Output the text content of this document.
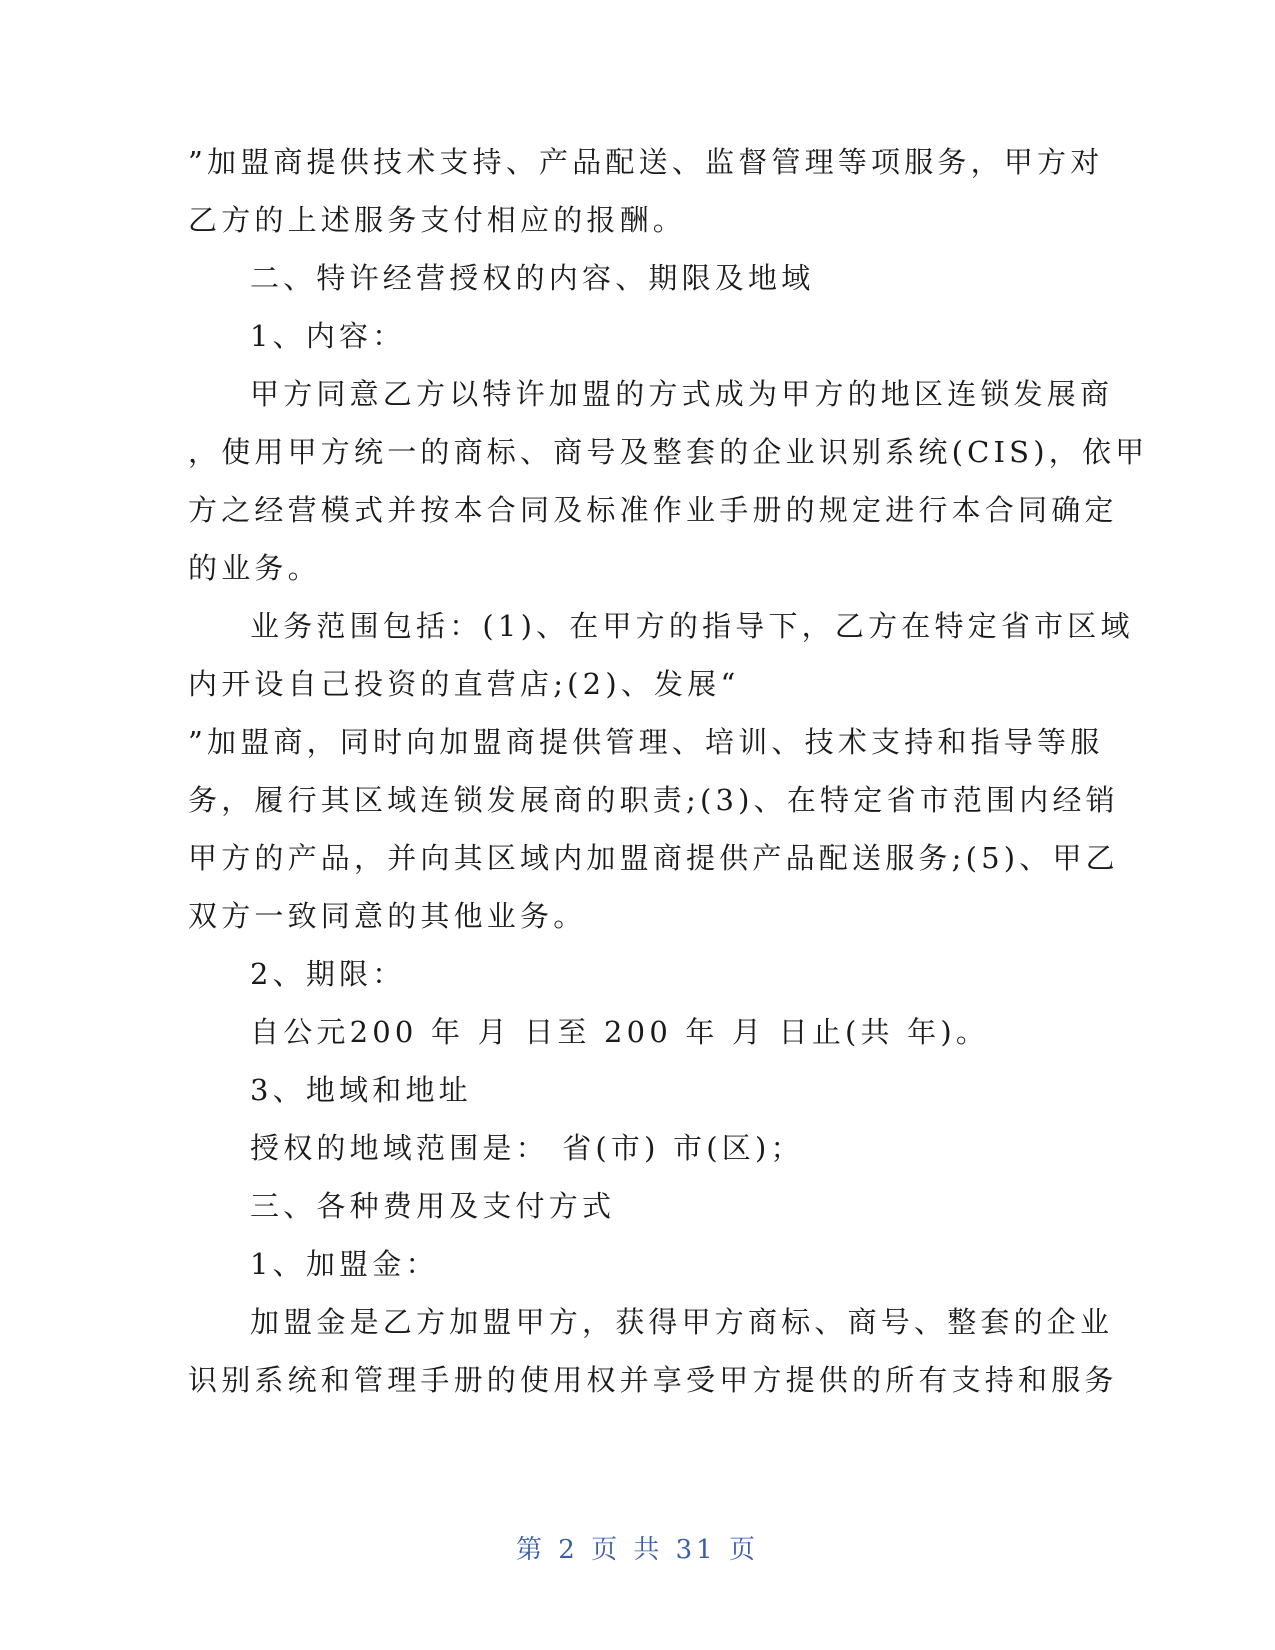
”加盟商提供技术支持、产品配送、监督管理等项服务，甲方对
乙方的上述服务支付相应的报酬。
二、特许经营授权的内容、期限及地域
1、内容：
甲方同意乙方以特许加盟的方式成为甲方的地区连锁发展商
，使用甲方统一的商标、商号及整套的企业识别系统(CIS)，依甲
方之经营模式并按本合同及标准作业手册的规定进行本合同确定
的业务。
业务范围包括：(1)、在甲方的指导下，乙方在特定省市区域
内开设自己投资的直营店;(2)、发展“
”加盟商，同时向加盟商提供管理、培训、技术支持和指导等服
务，履行其区域连锁发展商的职责;(3)、在特定省市范围内经销
甲方的产品，并向其区域内加盟商提供产品配送服务;(5)、甲乙
双方一致同意的其他业务。
2、期限：
自公元200 年 月 日至 200 年 月 日止(共 年)。
3、地域和地址
授权的地域范围是： 省(市) 市(区)；
三、各种费用及支付方式
1、加盟金：
加盟金是乙方加盟甲方，获得甲方商标、商号、整套的企业
识别系统和管理手册的使用权并享受甲方提供的所有支持和服务
第 2 页 共 31 页
